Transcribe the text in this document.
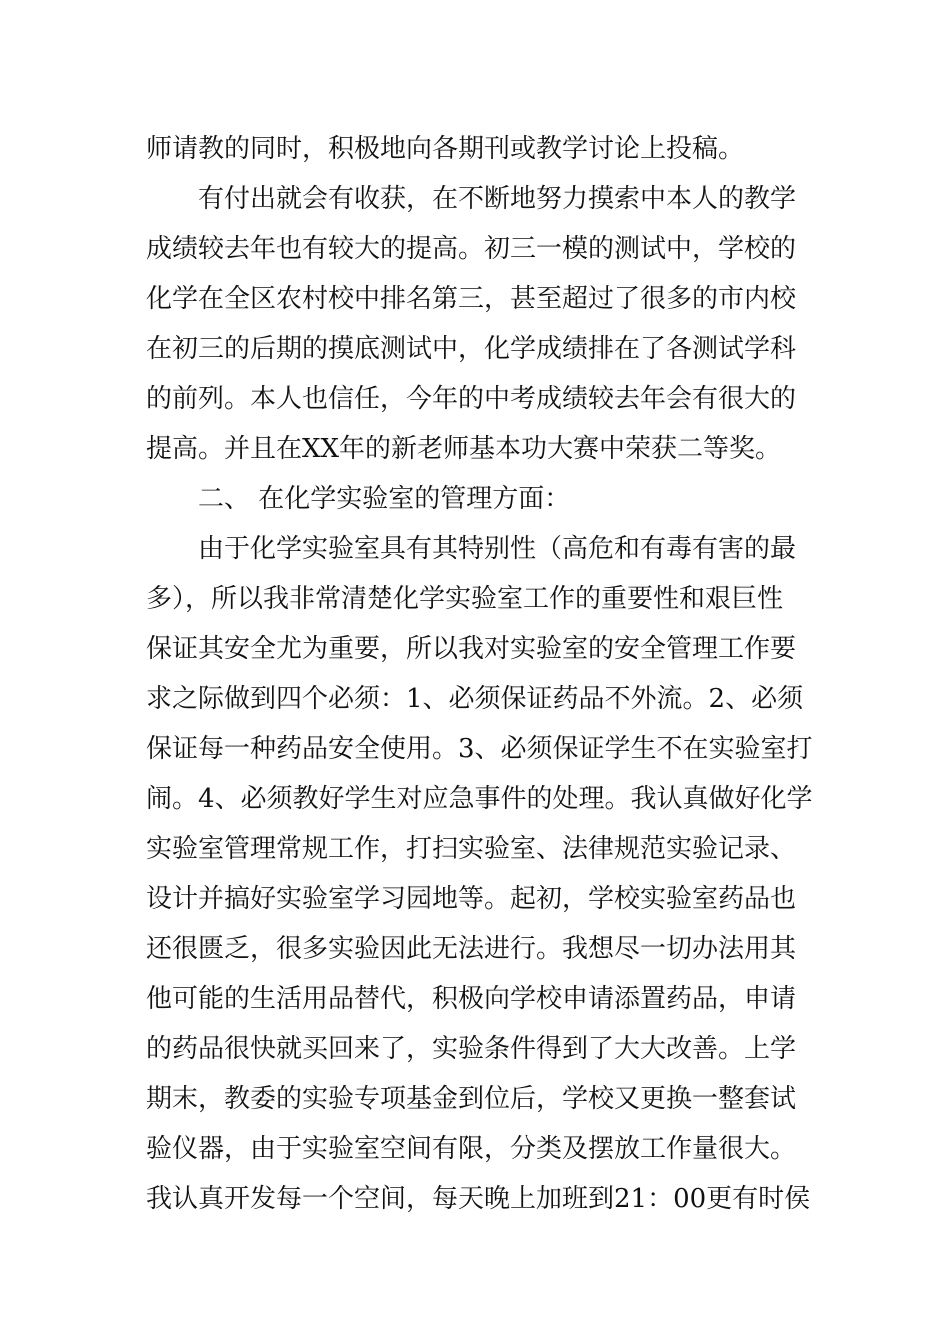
师请教的同时，积极地向各期刊或教学讨论上投稿。
有付出就会有收获，在不断地努力摸索中本人的教学
成绩较去年也有较大的提高。初三一模的测试中，学校的
化学在全区农村校中排名第三，甚至超过了很多的市内校
在初三的后期的摸底测试中，化学成绩排在了各测试学科
的前列。本人也信任，今年的中考成绩较去年会有很大的
提高。并且在XX年的新老师基本功大赛中荣获二等奖。
二、 在化学实验室的管理方面：
由于化学实验室具有其特别性（高危和有毒有害的最
多），所以我非常清楚化学实验室工作的重要性和艰巨性
保证其安全尤为重要，所以我对实验室的安全管理工作要
求之际做到四个必须：1、必须保证药品不外流。2、必须
保证每一种药品安全使用。3、必须保证学生不在实验室打
闹。4、必须教好学生对应急事件的处理。我认真做好化学
实验室管理常规工作，打扫实验室、法律规范实验记录、
设计并搞好实验室学习园地等。起初，学校实验室药品也
还很匮乏，很多实验因此无法进行。我想尽一切办法用其
他可能的生活用品替代，积极向学校申请添置药品，申请
的药品很快就买回来了，实验条件得到了大大改善。上学
期末，教委的实验专项基金到位后，学校又更换一整套试
验仪器，由于实验室空间有限，分类及摆放工作量很大。
我认真开发每一个空间，每天晚上加班到21：00更有时侯
